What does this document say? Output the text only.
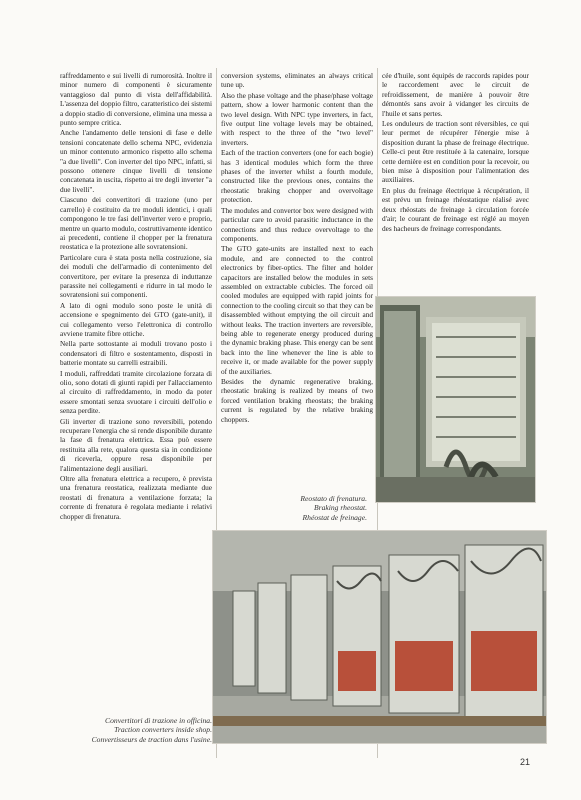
raffreddamento e sui livelli di rumorosità. Inoltre il minor numero di componenti è sicuramente vantaggioso dal punto di vista dell'affidabilità. L'assenza del doppio filtro, caratteristico dei sistemi a doppio stadio di conversione, elimina una messa a punto sempre critica.

Anche l'andamento delle tensioni di fase e delle tensioni concatenate dello schema NPC, evidenzia un minor contenuto armonico rispetto allo schema "a due livelli". Con inverter del tipo NPC, infatti, si possono ottenere cinque livelli di tensione concatenata in uscita, rispetto ai tre degli inverter "a due livelli".

Ciascuno dei convertitori di trazione (uno per carrello) è costituito da tre moduli identici, i quali compongono le tre fasi dell'inverter vero e proprio, mentre un quarto modulo, costruttivamente identico ai precedenti, contiene il chopper per la frenatura reostatica e la protezione alle sovratensioni.

Particolare cura è stata posta nella costruzione, sia dei moduli che dell'armadio di contenimento del convertitore, per evitare la presenza di induttanze parassite nei collegamenti e ridurre in tal modo le sovratensioni sui componenti.

A lato di ogni modulo sono poste le unità di accensione e spegnimento dei GTO (gate-unit), il cui collegamento verso l'elettronica di controllo avviene tramite fibre ottiche.

Nella parte sottostante ai moduli trovano posto i condensatori di filtro e sostentamento, disposti in batterie montate su carrelli estraibili.

I moduli, raffreddati tramite circolazione forzata di olio, sono dotati di giunti rapidi per l'allacciamento al circuito di raffreddamento, in modo da poter essere smontati senza svuotare i circuiti dell'olio e senza perdite.

Gli inverter di trazione sono reversibili, potendo recuperare l'energia che si rende disponibile durante la fase di frenatura elettrica. Essa può essere restituita alla rete, qualora questa sia in condizione di riceverla, oppure resa disponibile per l'alimentazione degli ausiliari.

Oltre alla frenatura elettrica a recupero, è prevista una frenatura reostatica, realizzata mediante due reostati di frenatura a ventilazione forzata; la corrente di frenatura è regolata mediante i relativi chopper di frenatura.

conversion systems, eliminates an always critical tune up.

Also the phase voltage and the phase/phase voltage pattern, show a lower harmonic content than the two level design. With NPC type inverters, in fact, five output line voltage levels may be obtained, with respect to the three of the "two level" inverters.

Each of the traction converters (one for each bogie) has 3 identical modules which form the three phases of the inverter whilst a fourth module, constructed like the previous ones, contains the rheostatic braking chopper and overvoltage protection.

The modules and convertor box were designed with particular care to avoid parasitic inductance in the connections and thus reduce overvoltage to the components.

The GTO gate-units are installed next to each module, and are connected to the control electronics by fiber-optics. The filter and holder capacitors are installed below the modules in sets assembled on extractable cubicles. The forced oil cooled modules are equipped with rapid joints for connection to the cooling circuit so that they can be disassembled without emptying the oil circuit and without leaks. The traction inverters are reversible, being able to regenerate energy produced during the dynamic braking phase. This energy can be sent back into the line whenever the line is able to receive it, or made available for the power supply of the auxiliaries.

Besides the dynamic regenerative braking, rheostatic braking is realized by means of two forced ventilation braking rheostats; the braking current is regulated by the relative braking choppers.

cée d'huile, sont équipés de raccords rapides pour le raccordement avec le circuit de refroidissement, de manière à pouvoir être démontés sans avoir à vidanger les circuits de l'huile et sans pertes.

Les onduleurs de traction sont réversibles, ce qui leur permet de récupérer l'énergie mise à disposition durant la phase de freinage électrique. Celle-ci peut être restituée à la catenaire, lorsque cette dernière est en condition pour la recevoir, ou bien mise à disposition pour l'alimentation des auxiliaires.

En plus du freinage électrique à récupération, il est prévu un freinage rhéostatique réalisé avec deux rhéostats de freinage à circulation forcée d'air; le courant de freinage est réglé au moyen des hacheurs de freinage correspondants.

Reostato di frenatura.
Braking rheostat.
Rhéostat de freinage.
Convertitori di trazione in officina.
Traction converters inside shop.
Convertisseurs de traction dans l'usine.
21
